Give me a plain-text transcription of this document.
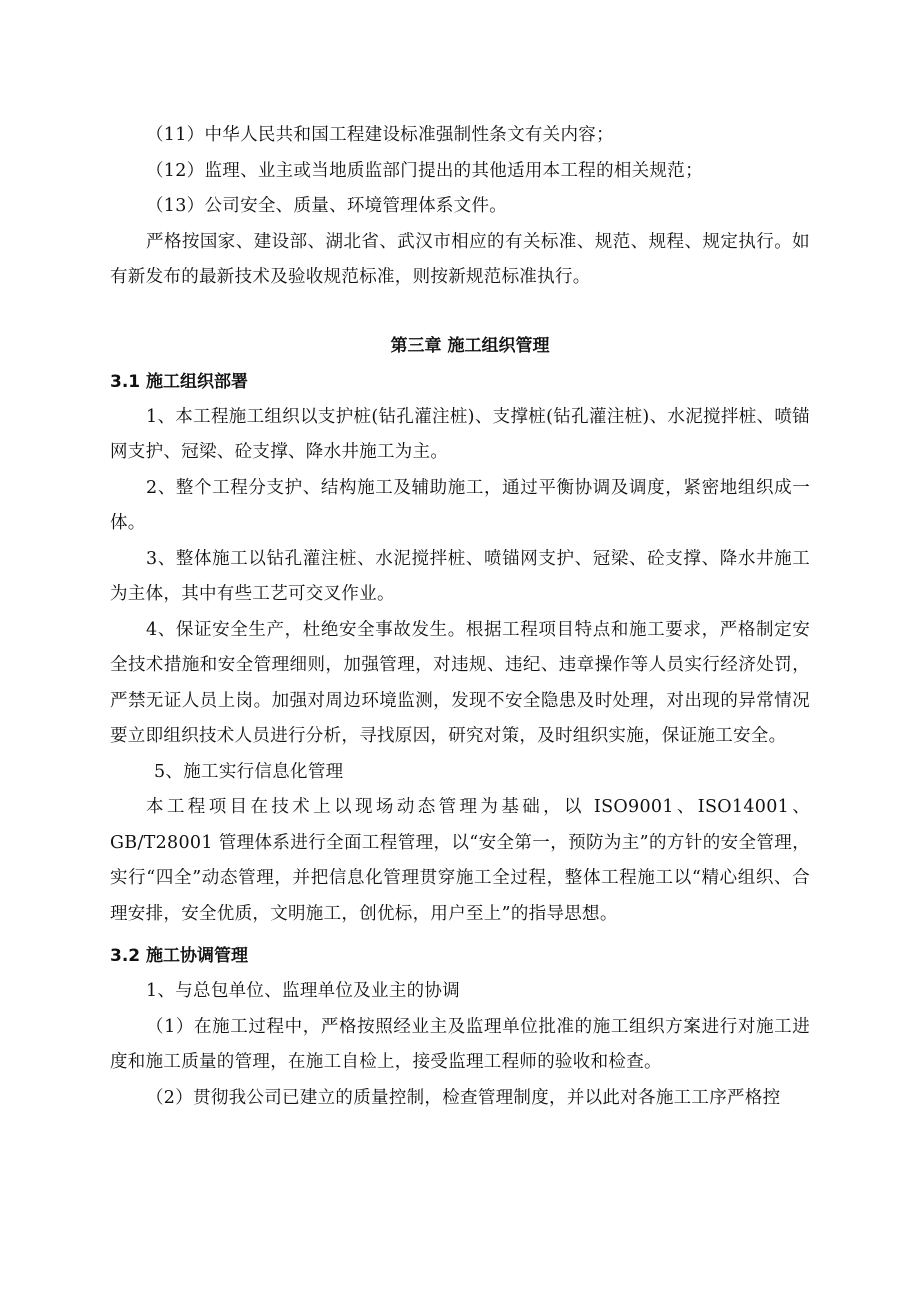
（11）中华人民共和国工程建设标准强制性条文有关内容；

（12）监理、业主或当地质监部门提出的其他适用本工程的相关规范；

（13）公司安全、质量、环境管理体系文件。

严格按国家、建设部、湖北省、武汉市相应的有关标准、规范、规程、规定执行。如有新发布的最新技术及验收规范标准，则按新规范标准执行。

第三章 施工组织管理
3.1 施工组织部署

1、本工程施工组织以支护桩(钻孔灌注桩)、支撑桩(钻孔灌注桩)、水泥搅拌桩、喷锚网支护、冠梁、砼支撑、降水井施工为主。

2、整个工程分支护、结构施工及辅助施工，通过平衡协调及调度，紧密地组织成一体。

3、整体施工以钻孔灌注桩、水泥搅拌桩、喷锚网支护、冠梁、砼支撑、降水井施工为主体，其中有些工艺可交叉作业。

4、保证安全生产，杜绝安全事故发生。根据工程项目特点和施工要求，严格制定安全技术措施和安全管理细则，加强管理，对违规、违纪、违章操作等人员实行经济处罚，严禁无证人员上岗。加强对周边环境监测，发现不安全隐患及时处理，对出现的异常情况要立即组织技术人员进行分析，寻找原因，研究对策，及时组织实施，保证施工安全。

5、施工实行信息化管理

本工程项目在技术上以现场动态管理为基础，以 ISO9001、ISO14001、GB/T28001 管理体系进行全面工程管理，以“安全第一，预防为主”的方针的安全管理，实行“四全”动态管理，并把信息化管理贯穿施工全过程，整体工程施工以“精心组织、合理安排，安全优质，文明施工，创优标，用户至上”的指导思想。

3.2 施工协调管理

1、与总包单位、监理单位及业主的协调

（1）在施工过程中，严格按照经业主及监理单位批准的施工组织方案进行对施工进度和施工质量的管理，在施工自检上，接受监理工程师的验收和检查。

（2）贯彻我公司已建立的质量控制，检查管理制度，并以此对各施工工序严格控
